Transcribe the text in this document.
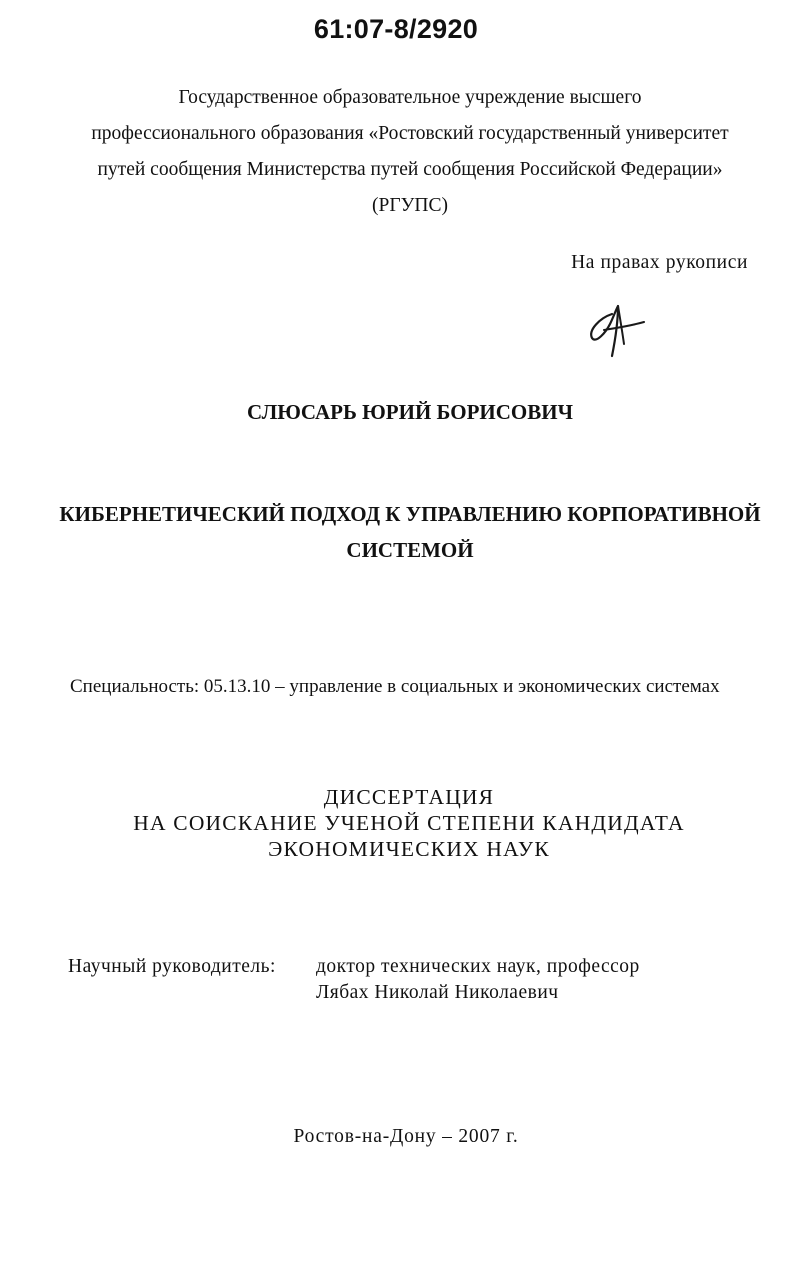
61:07-8/2920
Государственное образовательное учреждение высшего
профессионального образования «Ростовский государственный университет
путей сообщения Министерства путей сообщения Российской Федерации»
(РГУПС)
На правах рукописи
СЛЮСАРЬ ЮРИЙ БОРИСОВИЧ
КИБЕРНЕТИЧЕСКИЙ ПОДХОД К УПРАВЛЕНИЮ КОРПОРАТИВНОЙ
СИСТЕМОЙ
Специальность: 05.13.10 – управление в социальных и экономических системах
ДИССЕРТАЦИЯ
НА СОИСКАНИЕ УЧЕНОЙ СТЕПЕНИ КАНДИДАТА
ЭКОНОМИЧЕСКИХ НАУК
Научный руководитель: доктор технических наук, профессор
Лябах Николай Николаевич
Ростов-на-Дону – 2007 г.
